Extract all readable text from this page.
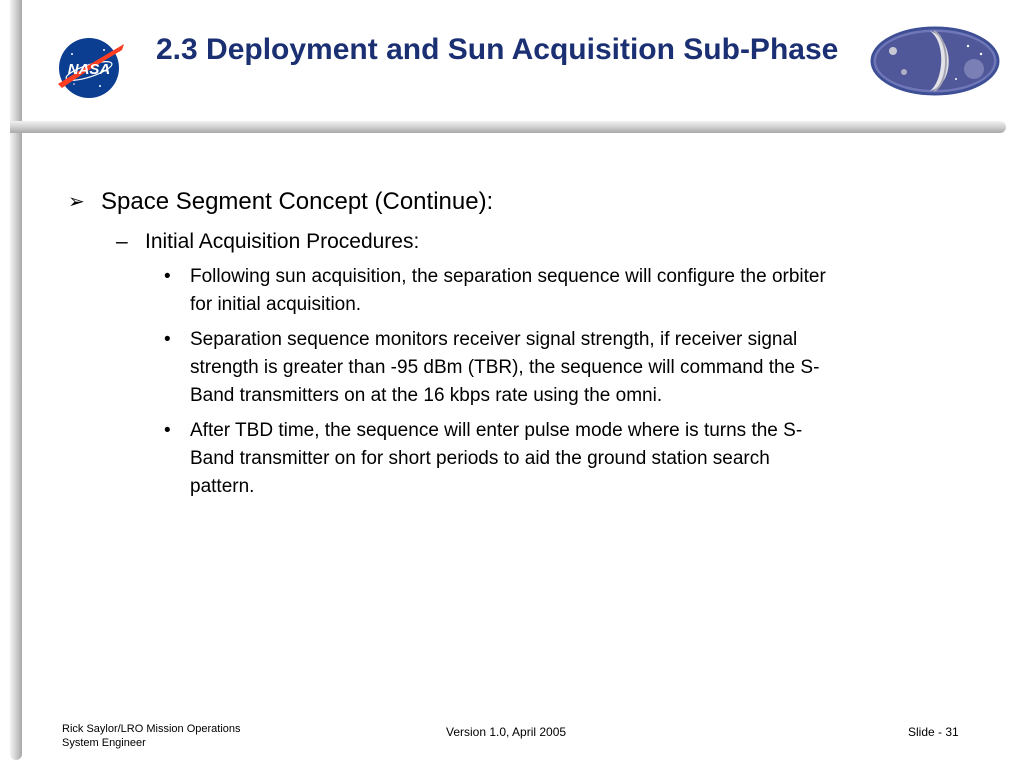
NASA
2.3 Deployment and Sun Acquisition Sub-Phase
➢ Space Segment Concept (Continue):
– Initial Acquisition Procedures:
• Following sun acquisition, the separation sequence will configure the orbiter
for initial acquisition.
• Separation sequence monitors receiver signal strength, if receiver signal
strength is greater than -95 dBm (TBR), the sequence will command the S-
Band transmitters on at the 16 kbps rate using the omni.
• After TBD time, the sequence will enter pulse mode where is turns the S-
Band transmitter on for short periods to aid the ground station search
pattern.
Rick Saylor/LRO Mission Operations
System Engineer
Version 1.0, April 2005	Slide - 31
